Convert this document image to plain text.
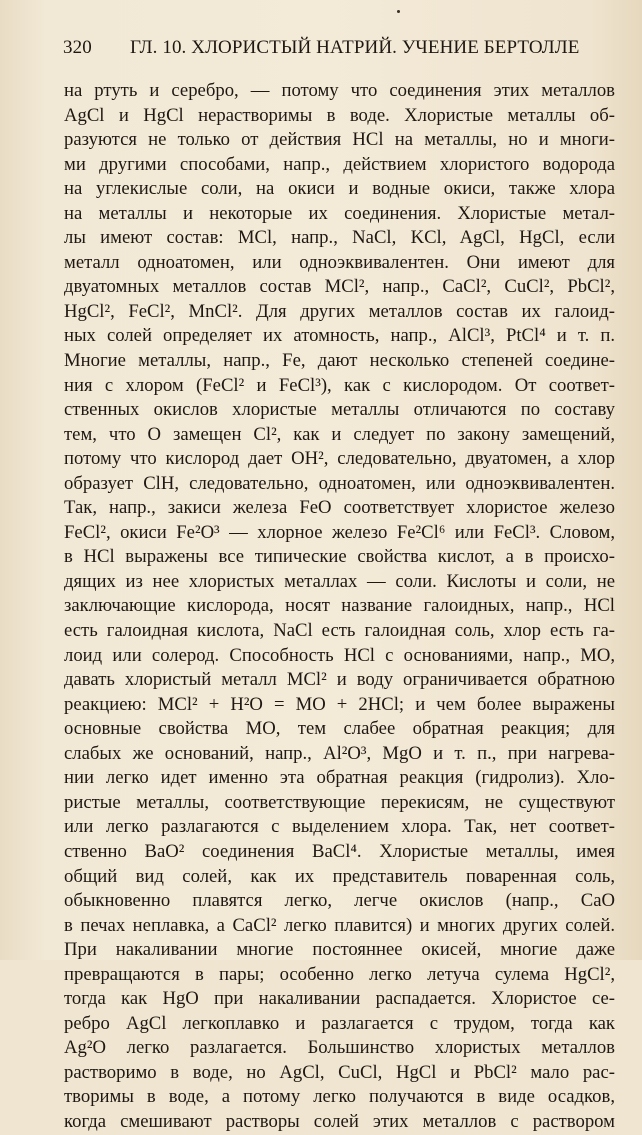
320 ГЛ. 10. ХЛОРИСТЫЙ НАТРИЙ. УЧЕНИЕ БЕРТОЛЛЕ
на ртуть и серебро, — потому что соединения этих металлов
AgCl и HgCl нерастворимы в воде. Хлористые металлы об-
разуются не только от действия HCl на металлы, но и многи-
ми другими способами, напр., действием хлористого водорода
на углекислые соли, на окиси и водные окиси, также хлора
на металлы и некоторые их соединения. Хлористые метал-
лы имеют состав: MCl, напр., NaCl, KCl, AgCl, HgCl, если
металл одноатомен, или одноэквивалентен. Они имеют для
двуатомных металлов состав MCl², напр., CaCl², CuCl², PbCl²,
HgCl², FeCl², MnCl². Для других металлов состав их галоид-
ных солей определяет их атомность, напр., AlCl³, PtCl⁴ и т. п.
Многие металлы, напр., Fe, дают несколько степеней соедине-
ния с хлором (FeCl² и FeCl³), как с кислородом. От соответ-
ственных окислов хлористые металлы отличаются по составу
тем, что O замещен Cl², как и следует по закону замещений,
потому что кислород дает OH², следовательно, двуатомен, а хлор
образует ClH, следовательно, одноатомен, или одноэквивалентен.
Так, напр., закиси железа FeO соответствует хлористое железо
FeCl², окиси Fe²O³ — хлорное железо Fe²Cl⁶ или FeCl³. Словом,
в HCl выражены все типические свойства кислот, а в происхо-
дящих из нее хлористых металлах — соли. Кислоты и соли, не
заключающие кислорода, носят название галоидных, напр., HCl
есть галоидная кислота, NaCl есть галоидная соль, хлор есть га-
лоид или солерод. Способность HCl с основаниями, напр., MO,
давать хлористый металл MCl² и воду ограничивается обратною
реакциею: MCl² + H²O = MO + 2HCl; и чем более выражены
основные свойства MO, тем слабее обратная реакция; для
слабых же оснований, напр., Al²O³, MgO и т. п., при нагрева-
нии легко идет именно эта обратная реакция (гидролиз). Хло-
ристые металлы, соответствующие перекисям, не существуют
или легко разлагаются с выделением хлора. Так, нет соответ-
ственно BaO² соединения BaCl⁴. Хлористые металлы, имея
общий вид солей, как их представитель поваренная соль,
обыкновенно плавятся легко, легче окислов (напр., CaO
в печах неплавка, а CaCl² легко плавится) и многих других солей.
При накаливании многие постояннее окисей, многие даже
превращаются в пары; особенно легко летуча сулема HgCl²,
тогда как HgO при накаливании распадается. Хлористое се-
ребро AgCl легкоплавко и разлагается с трудом, тогда как
Ag²O легко разлагается. Большинство хлористых металлов
растворимо в воде, но AgCl, CuCl, HgCl и PbCl² мало рас-
творимы в воде, а потому легко получаются в виде осадков,
когда смешивают растворы солей этих металлов с раствором
